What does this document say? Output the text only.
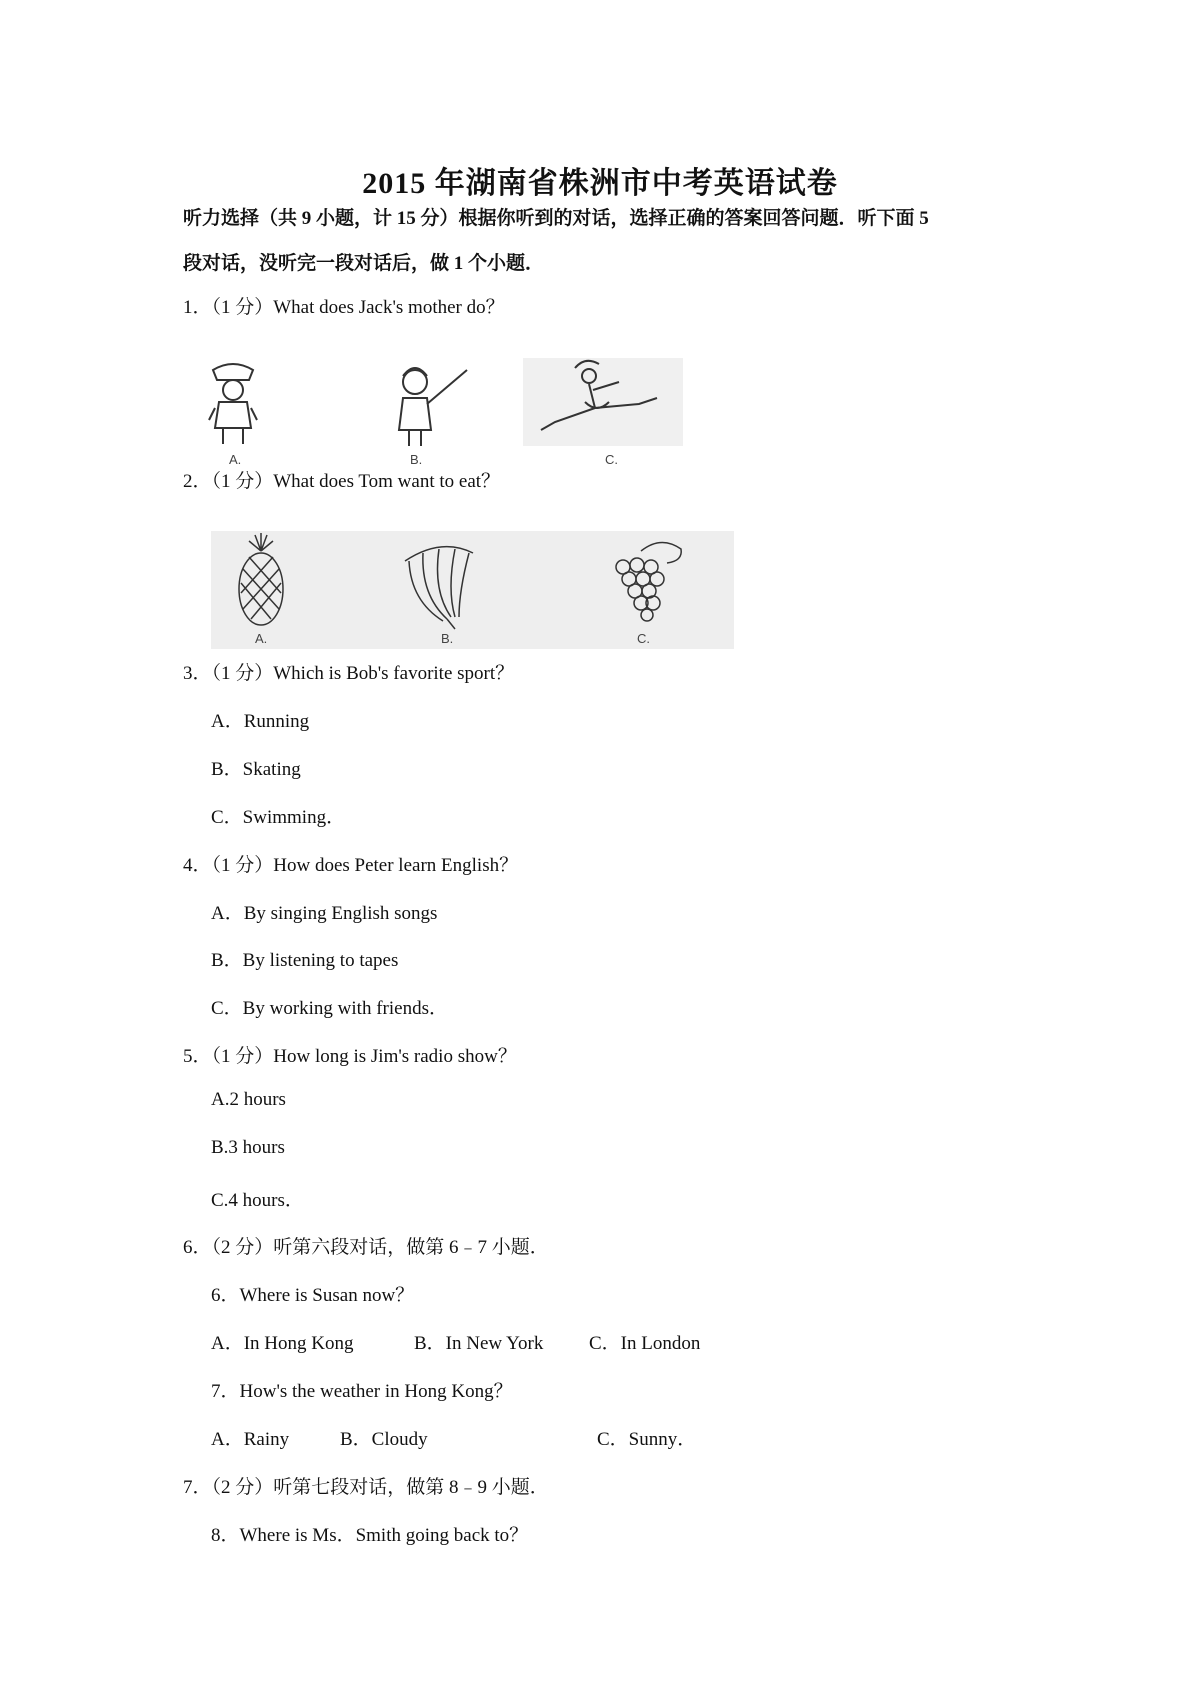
2015 年湖南省株洲市中考英语试卷
听力选择（共 9 小题，计 15 分）根据你听到的对话，选择正确的答案回答问题．听下面 5
段对话，没听完一段对话后，做 1 个小题．
1．（1 分）What does Jack's mother do？
A.	B.	C.
2．（1 分）What does Tom want to eat？
A.	B.	C.
3．（1 分）Which is Bob's favorite sport？
A．Running
B．Skating
C．Swimming．
4．（1 分）How does Peter learn English？
A．By singing English songs
B．By listening to tapes
C．By working with friends．
5．（1 分）How long is Jim's radio show？
A.2 hours
B.3 hours
C.4 hours．
6．（2 分）听第六段对话，做第 6﹣7 小题．
6．Where is Susan now？
A．In Hong Kong	B．In New York C．In London
7．How's the weather in Hong Kong？
A．Rainy	B．Cloudy	C．Sunny．
7．（2 分）听第七段对话，做第 8﹣9 小题．
8．Where is Ms．Smith going back to？
